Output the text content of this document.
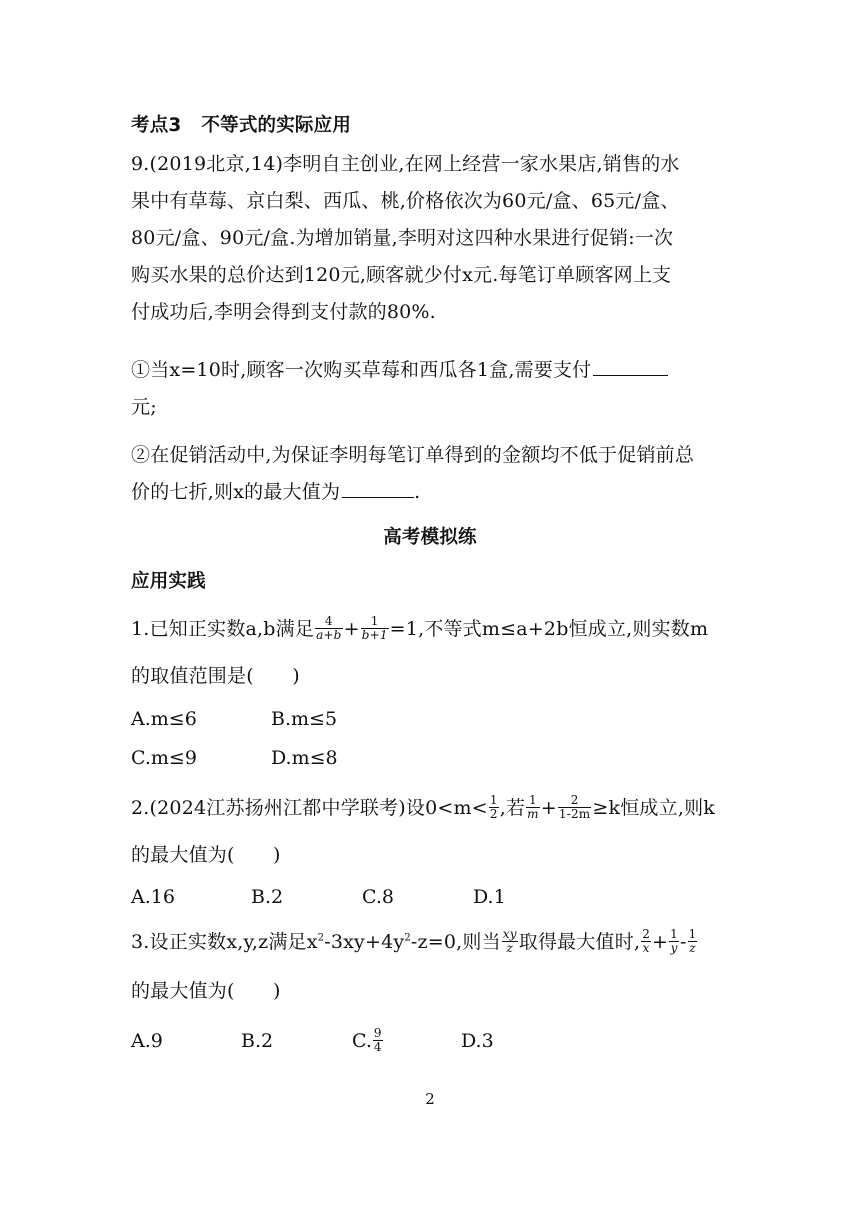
考点3 不等式的实际应用
9.(2019北京,14)李明自主创业,在网上经营一家水果店,销售的水
果中有草莓、京白梨、西瓜、桃,价格依次为60元/盒、65元/盒、
80元/盒、90元/盒.为增加销量,李明对这四种水果进行促销:一次
购买水果的总价达到120元,顾客就少付x元.每笔订单顾客网上支
付成功后,李明会得到支付款的80%.
①当x=10时,顾客一次购买草莓和西瓜各1盒,需要支付
元;
②在促销活动中,为保证李明每笔订单得到的金额均不低于促销前总
价的七折,则x的最大值为	.
高考模拟练
应用实践
1.已知正实数a,b满足 $\frac{4}{a+b} + \frac{1}{b+1} =1$,不等式m≤a+2b恒成立,则实数m
的取值范围是(　　)
A.m≤6	B.m≤5
C.m≤9	D.m≤8
2.(2024江苏扬州江都中学联考)设$0<m< \frac{1}{2}$ ,若 $\frac{1}{m} + \frac{2}{1-2m} \ge k$恒成立,则k
的最大值为(　　)
A.16	B.2	C.8	D.1
3.设正实数x,y,z满足$x^2-3xy+4y^2-z=0$,则当 $\frac{xy}{z}$ 取得最大值时, $\frac{2}{x} + \frac{1}{y} - \frac{1}{z}$
的最大值为(　　)
A.9	B.2	C. $\frac{9}{4}$	D.3
2
